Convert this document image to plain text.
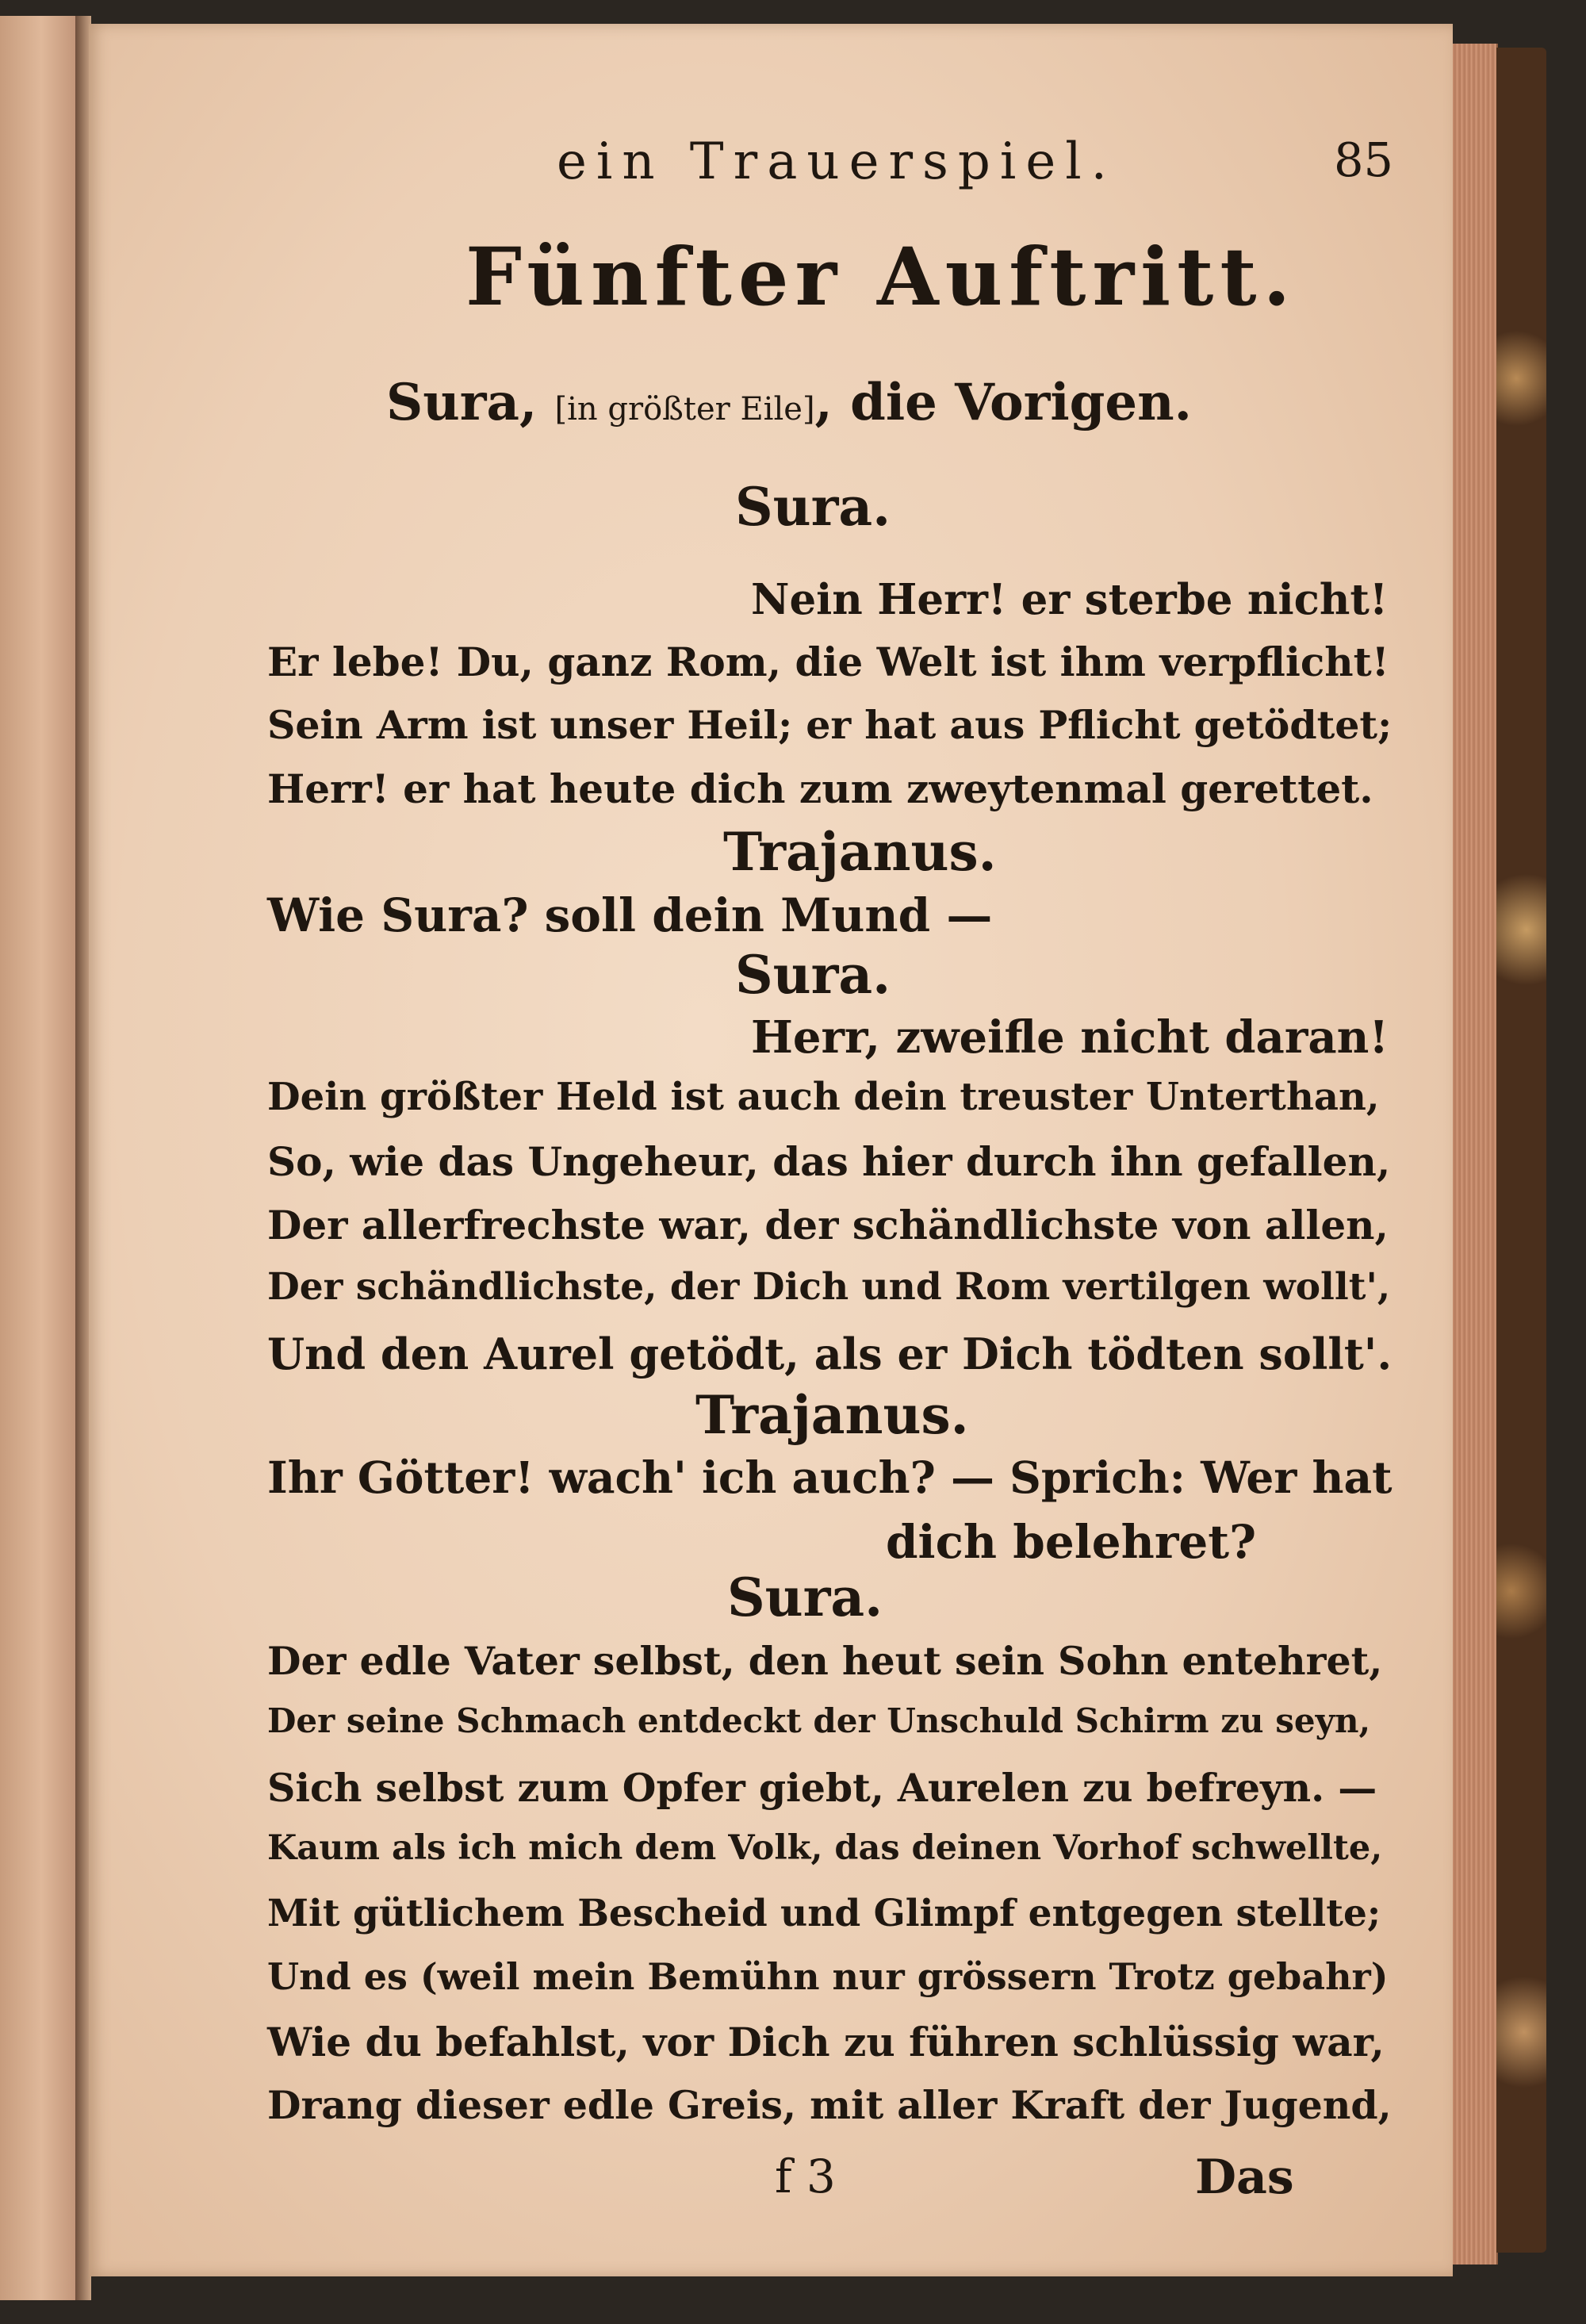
ein Trauerspiel.	85
Fünfter Auftritt.
Sura, [in größter Eile], die Vorigen.
Sura.
Nein Herr! er sterbe nicht!
Er lebe! Du, ganz Rom, die Welt ist ihm verpflicht!
Sein Arm ist unser Heil; er hat aus Pflicht getödtet;
Herr! er hat heute dich zum zweytenmal gerettet.
Trajanus.
Wie Sura? soll dein Mund —
Sura.
Herr, zweifle nicht daran!
Dein größter Held ist auch dein treuster Unterthan,
So, wie das Ungeheur, das hier durch ihn gefallen,
Der allerfrechste war, der schändlichste von allen,
Der schändlichste, der Dich und Rom vertilgen wollt',
Und den Aurel getödt, als er Dich tödten sollt'.
Trajanus.
Ihr Götter! wach' ich auch? — Sprich: Wer hat
dich belehret?
Sura.
Der edle Vater selbst, den heut sein Sohn entehret,
Der seine Schmach entdeckt der Unschuld Schirm zu seyn,
Sich selbst zum Opfer giebt, Aurelen zu befreyn. —
Kaum als ich mich dem Volk, das deinen Vorhof schwellte,
Mit gütlichem Bescheid und Glimpf entgegen stellte;
Und es (weil mein Bemühn nur grössern Trotz gebahr)
Wie du befahlst, vor Dich zu führen schlüssig war,
Drang dieser edle Greis, mit aller Kraft der Jugend,
f 3	Das
